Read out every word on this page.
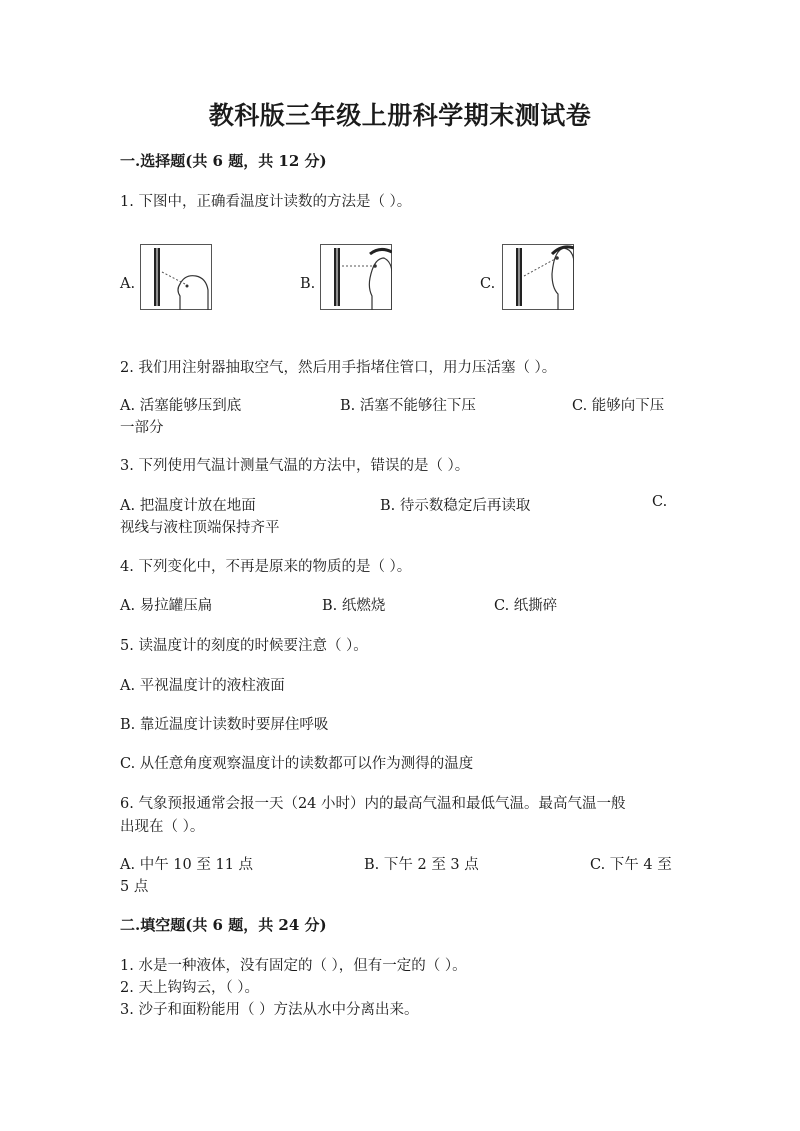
教科版三年级上册科学期末测试卷
一.选择题(共 6 题，共 12 分)
1. 下图中，正确看温度计读数的方法是（ ）。
A.	B.	C.
2. 我们用注射器抽取空气，然后用手指堵住管口，用力压活塞（ ）。
A. 活塞能够压到底	B. 活塞不能够往下压	C. 能够向下压
一部分
3. 下列使用气温计测量气温的方法中，错误的是（ ）。
A. 把温度计放在地面	B. 待示数稳定后再读取	C.
视线与液柱顶端保持齐平
4. 下列变化中，不再是原来的物质的是（ ）。
A. 易拉罐压扁	B. 纸燃烧	C. 纸撕碎
5. 读温度计的刻度的时候要注意（ ）。
A. 平视温度计的液柱液面
B. 靠近温度计读数时要屏住呼吸
C. 从任意角度观察温度计的读数都可以作为测得的温度
6. 气象预报通常会报一天（24 小时）内的最高气温和最低气温。最高气温一般
出现在（ ）。
A. 中午 10 至 11 点	B. 下午 2 至 3 点	C. 下午 4 至
5 点
二.填空题(共 6 题，共 24 分)
1. 水是一种液体，没有固定的（ ），但有一定的（ ）。
2. 天上钩钩云，（ ）。
3. 沙子和面粉能用（ ）方法从水中分离出来。
